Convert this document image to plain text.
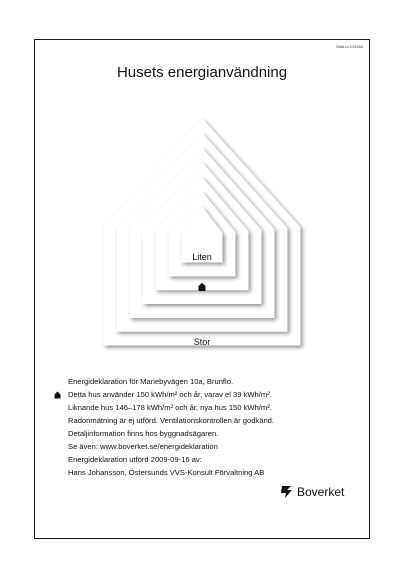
Dekl.id 215184
Husets energianvändning
Stor
Liten
Energideklaration för Mariebyvägen 10a, Brunflo.
Detta hus använder 150 kWh/m² och år, varav el 39 kWh/m².
Liknande hus 146–178 kWh/m² och år, nya hus 150 kWh/m².
Radonmätning är ej utförd. Ventilationskontrollen är godkänd.
Detaljinformation finns hos byggnadsägaren.
Se även: www.boverket.se/energideklaration
Energideklaration utförd 2009-09-16 av:
Hans Johansson, Östersunds VVS-Konsult Förvaltning AB
Boverket
